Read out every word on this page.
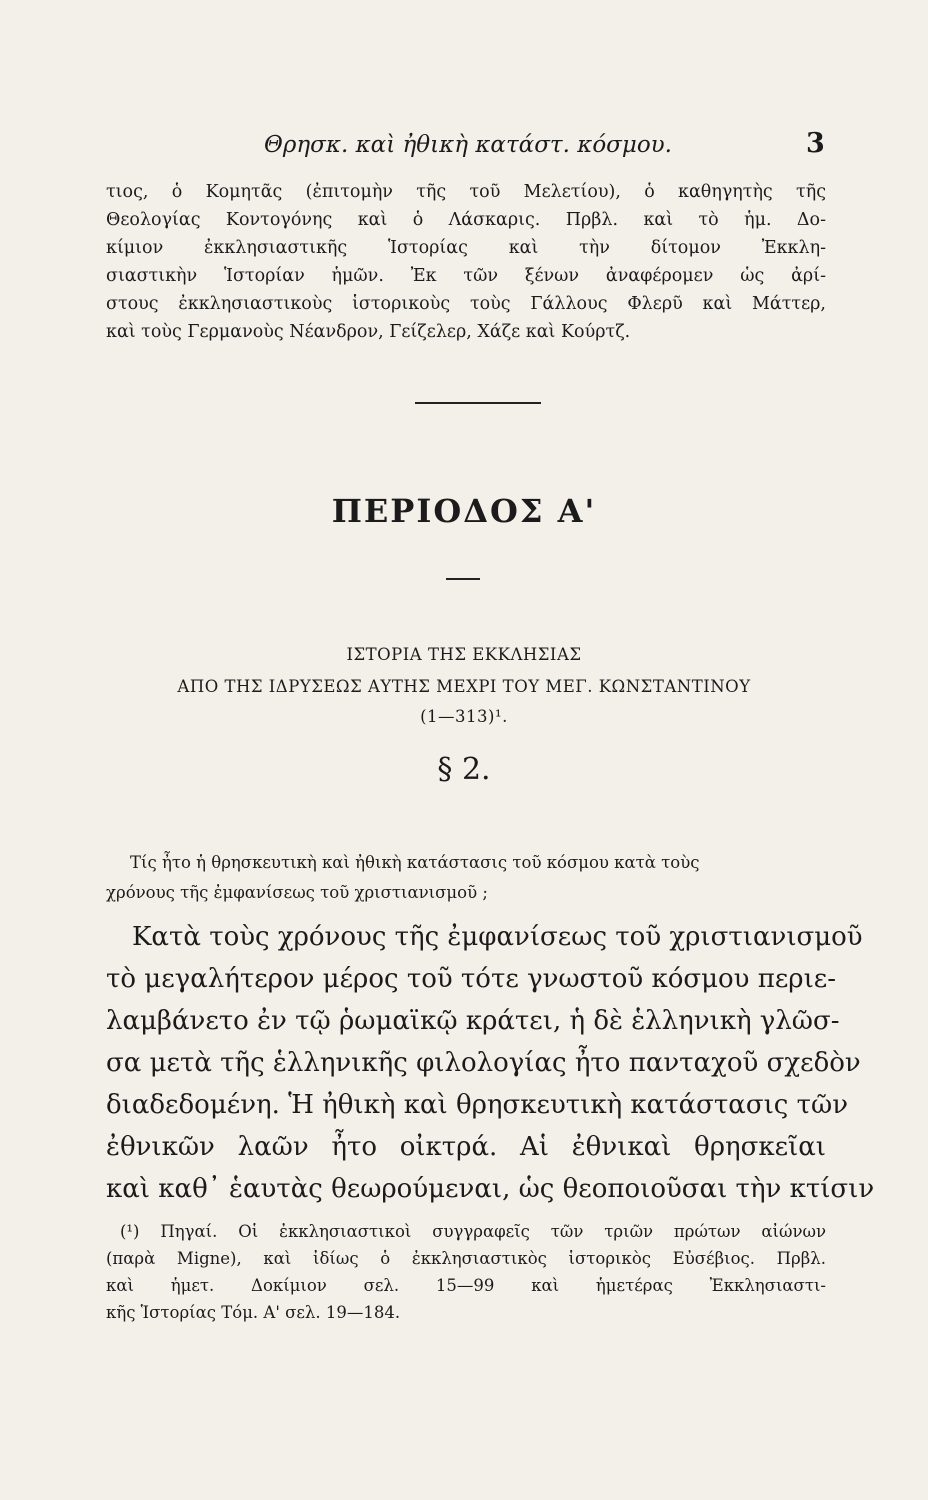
Θρησκ. καὶ ἠθικὴ κατάστ. κόσμου.	3

τιος, ὁ Κομητᾶς (ἐπιτομὴν τῆς τοῦ Μελετίου), ὁ καθηγητὴς τῆς

Θεολογίας Κοντογόνης καὶ ὁ Λάσκαρις. Πρβλ. καὶ τὸ ἡμ. Δο-

κίμιον ἐκκλησιαστικῆς Ἱστορίας καὶ τὴν δίτομον Ἐκκλη-

σιαστικὴν Ἱστορίαν ἡμῶν. Ἐκ τῶν ξένων ἀναφέρομεν ὡς ἀρί-

στους ἐκκλησιαστικοὺς ἱστορικοὺς τοὺς Γάλλους Φλερῦ καὶ Μάττερ,

καὶ τοὺς Γερμανοὺς Νέανδρον, Γείζελερ, Χάζε καὶ Κούρτζ.

ΠΕΡΙΟΔΟΣ Α'
ΙΣΤΟΡΙΑ ΤΗΣ ΕΚΚΛΗΣΙΑΣ
ΑΠΟ ΤΗΣ ΙΔΡΥΣΕΩΣ ΑΥΤΗΣ ΜΕΧΡΙ ΤΟΥ ΜΕΓ. ΚΩΝΣΤΑΝΤΙΝΟΥ
(1—313)¹.
§ 2.

Τίς ἦτο ἡ θρησκευτικὴ καὶ ἠθικὴ κατάστασις τοῦ κόσμου κατὰ τοὺς

χρόνους τῆς ἐμφανίσεως τοῦ χριστιανισμοῦ ;

Κατὰ τοὺς χρόνους τῆς ἐμφανίσεως τοῦ χριστιανισμοῦ

τὸ μεγαλήτερον μέρος τοῦ τότε γνωστοῦ κόσμου περιε-

λαμβάνετο ἐν τῷ ῥωμαϊκῷ κράτει, ἡ δὲ ἑλληνικὴ γλῶσ-

σα μετὰ τῆς ἑλληνικῆς φιλολογίας ἦτο πανταχοῦ σχεδὸν

διαδεδομένη. Ἡ ἠθικὴ καὶ θρησκευτικὴ κατάστασις τῶν

ἐθνικῶν λαῶν ἦτο οἰκτρά. Αἱ ἐθνικαὶ θρησκεῖαι

καὶ καθ᾽ ἑαυτὰς θεωρούμεναι, ὡς θεοποιοῦσαι τὴν κτίσιν

(¹) Πηγαί. Οἱ ἐκκλησιαστικοὶ συγγραφεῖς τῶν τριῶν πρώτων αἰώνων

(παρὰ Migne), καὶ ἰδίως ὁ ἐκκλησιαστικὸς ἱστορικὸς Εὐσέβιος. Πρβλ.

καὶ ἡμετ. Δοκίμιον σελ. 15—99 καὶ ἡμετέρας Ἐκκλησιαστι-

κῆς Ἱστορίας Τόμ. Α' σελ. 19—184.
